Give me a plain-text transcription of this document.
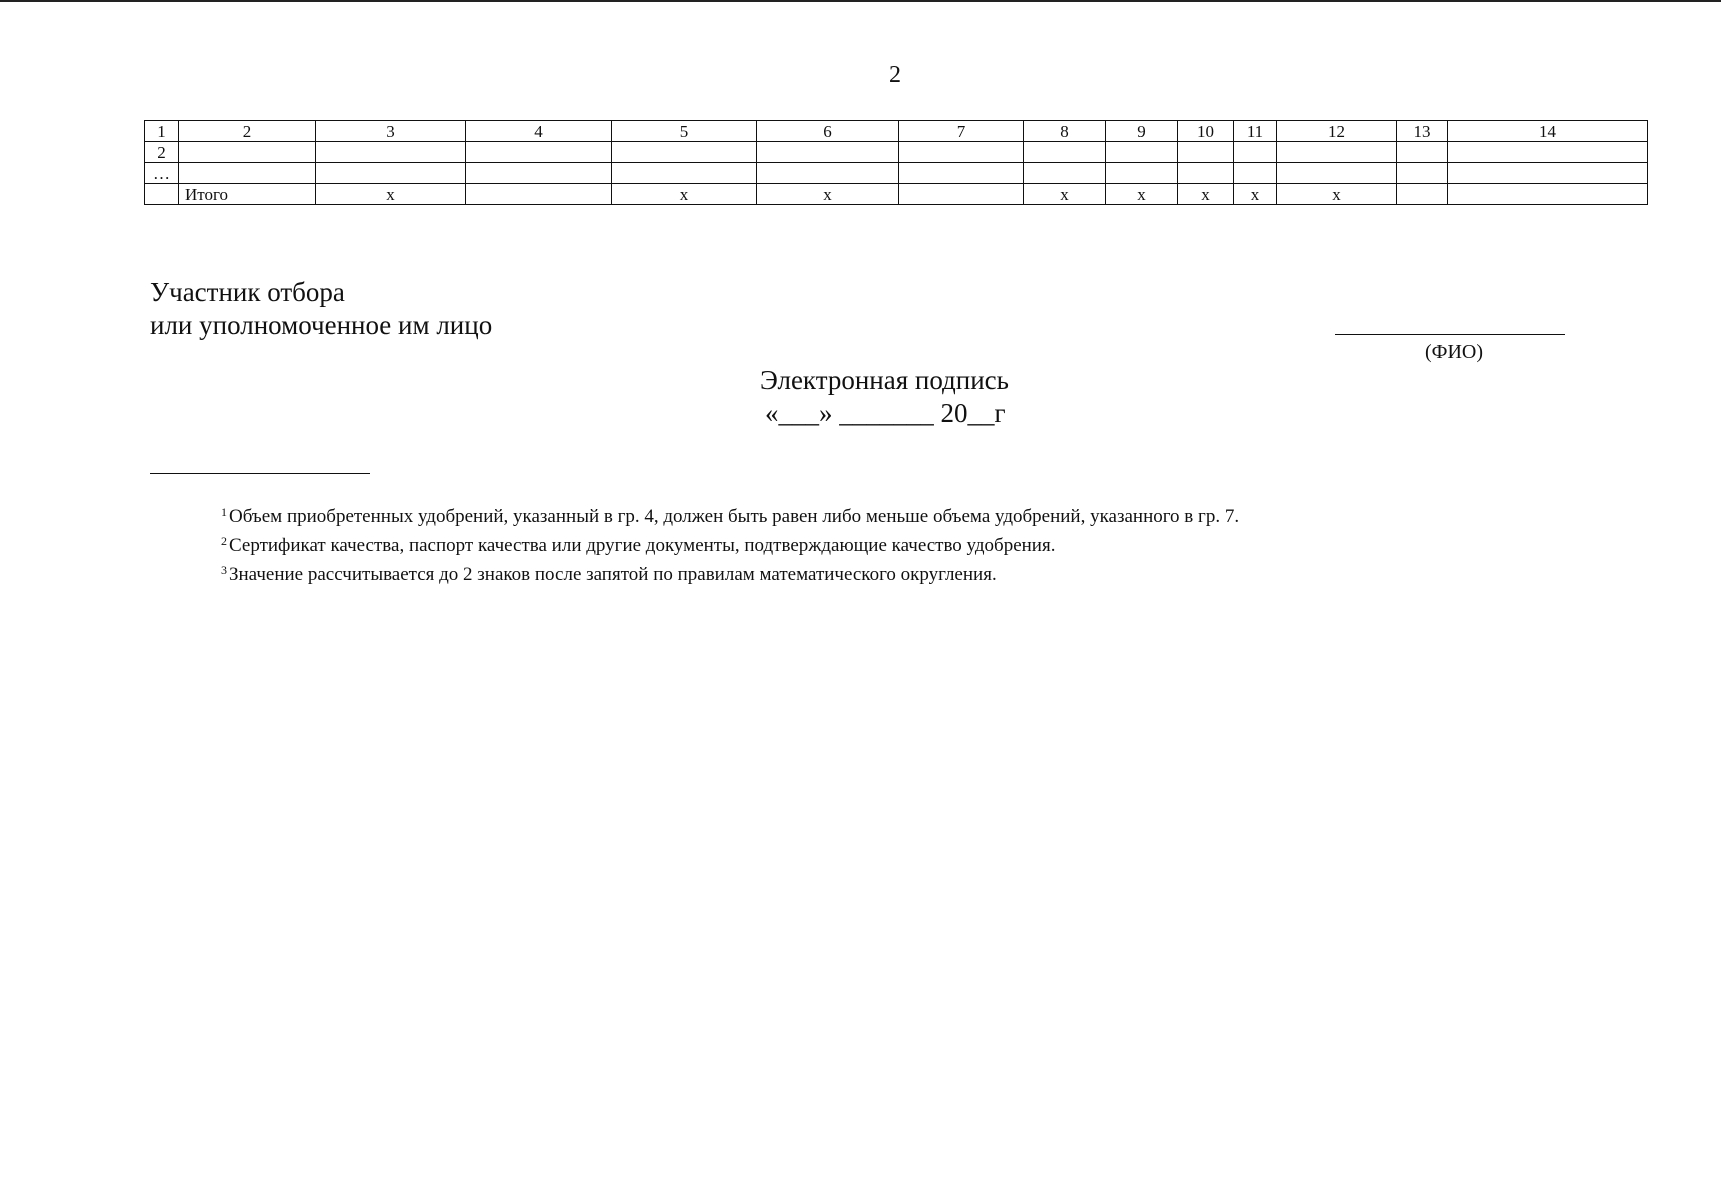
2
1	2	3	4	5	6	7	8	9	10	11	12	13	14
2													
…													
	Итого	x		x	x		x	x	x	x	x		
Участник отбора
или уполномоченное им лицо
(ФИО)
Электронная подпись
«___» _______ 20__г
$^1$ Объем приобретенных удобрений, указанный в гр. 4, должен быть равен либо меньше объема удобрений, указанного в гр. 7.
$^2$ Сертификат качества, паспорт качества или другие документы, подтверждающие качество удобрения.
$^3$ Значение рассчитывается до 2 знаков после запятой по правилам математического округления.
